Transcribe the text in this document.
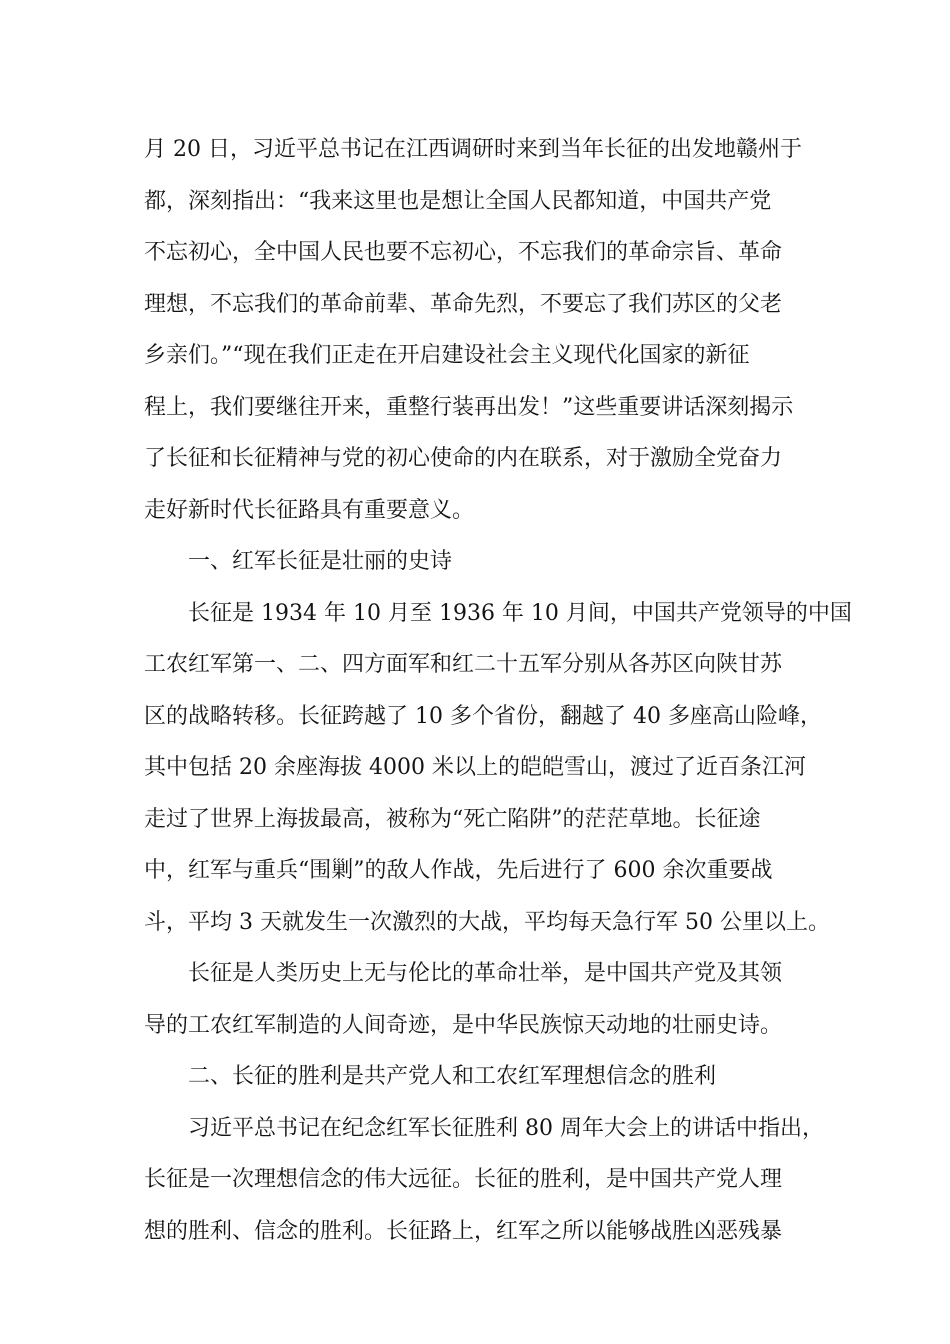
月 20 日，习近平总书记在江西调研时来到当年长征的出发地赣州于
都，深刻指出：“我来这里也是想让全国人民都知道，中国共产党
不忘初心，全中国人民也要不忘初心，不忘我们的革命宗旨、革命
理想，不忘我们的革命前辈、革命先烈，不要忘了我们苏区的父老
乡亲们。”“现在我们正走在开启建设社会主义现代化国家的新征
程上，我们要继往开来，重整行装再出发！”这些重要讲话深刻揭示
了长征和长征精神与党的初心使命的内在联系，对于激励全党奋力
走好新时代长征路具有重要意义。
一、红军长征是壮丽的史诗
长征是 1934 年 10 月至 1936 年 10 月间，中国共产党领导的中国
工农红军第一、二、四方面军和红二十五军分别从各苏区向陕甘苏
区的战略转移。长征跨越了 10 多个省份，翻越了 40 多座高山险峰，
其中包括 20 余座海拔 4000 米以上的皑皑雪山，渡过了近百条江河
走过了世界上海拔最高，被称为“死亡陷阱”的茫茫草地。长征途
中，红军与重兵“围剿”的敌人作战，先后进行了 600 余次重要战
斗，平均 3 天就发生一次激烈的大战，平均每天急行军 50 公里以上。
长征是人类历史上无与伦比的革命壮举，是中国共产党及其领
导的工农红军制造的人间奇迹，是中华民族惊天动地的壮丽史诗。
二、长征的胜利是共产党人和工农红军理想信念的胜利
习近平总书记在纪念红军长征胜利 80 周年大会上的讲话中指出，
长征是一次理想信念的伟大远征。长征的胜利，是中国共产党人理
想的胜利、信念的胜利。长征路上，红军之所以能够战胜凶恶残暴
